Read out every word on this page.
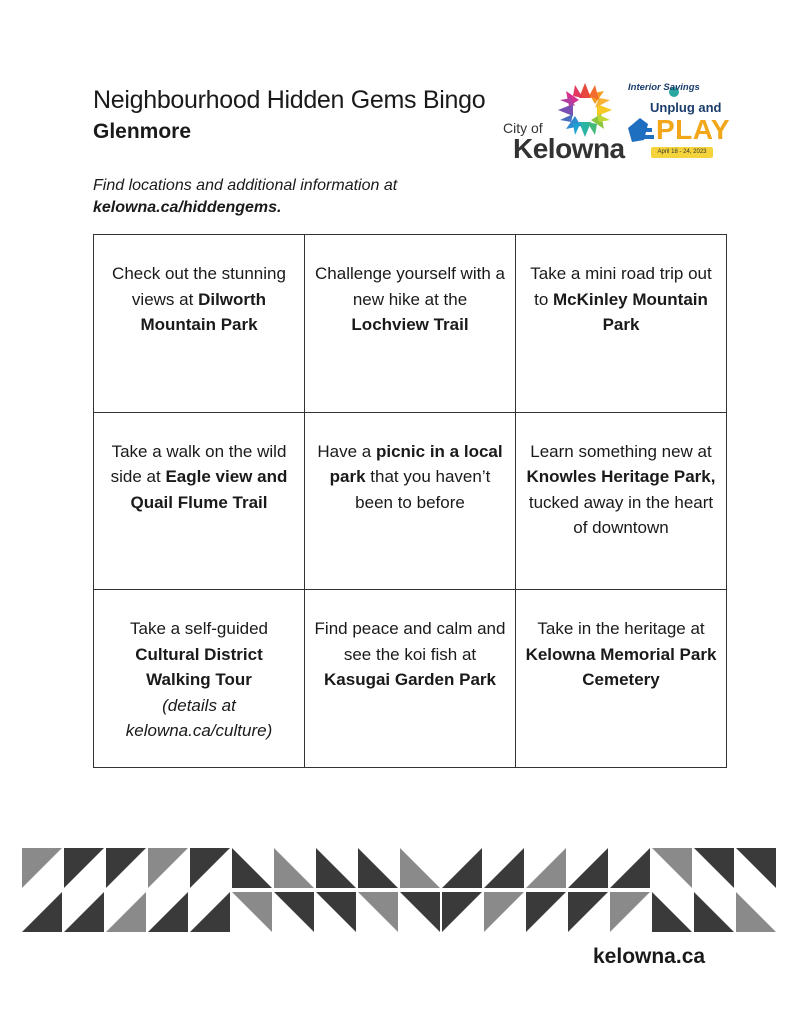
Neighbourhood Hidden Gems Bingo
Glenmore

Find locations and additional information at
kelowna.ca/hiddengems.

City of
Kelowna
Interior Savings
Unplug and
PLAY
April 18 - 24, 2023
Check out the stunning views at Dilworth Mountain Park	Challenge yourself with a new hike at the Lochview Trail	Take a mini road trip out to McKinley Mountain Park
Take a walk on the wild side at Eagle view and Quail Flume Trail	Have a picnic in a local park that you haven’t been to before	Learn something new at Knowles Heritage Park, tucked away in the heart of downtown
Take a self-guided Cultural District Walking Tour
(details at kelowna.ca/culture)	Find peace and calm and see the koi fish at Kasugai Garden Park	Take in the heritage at Kelowna Memorial Park Cemetery
kelowna.ca
